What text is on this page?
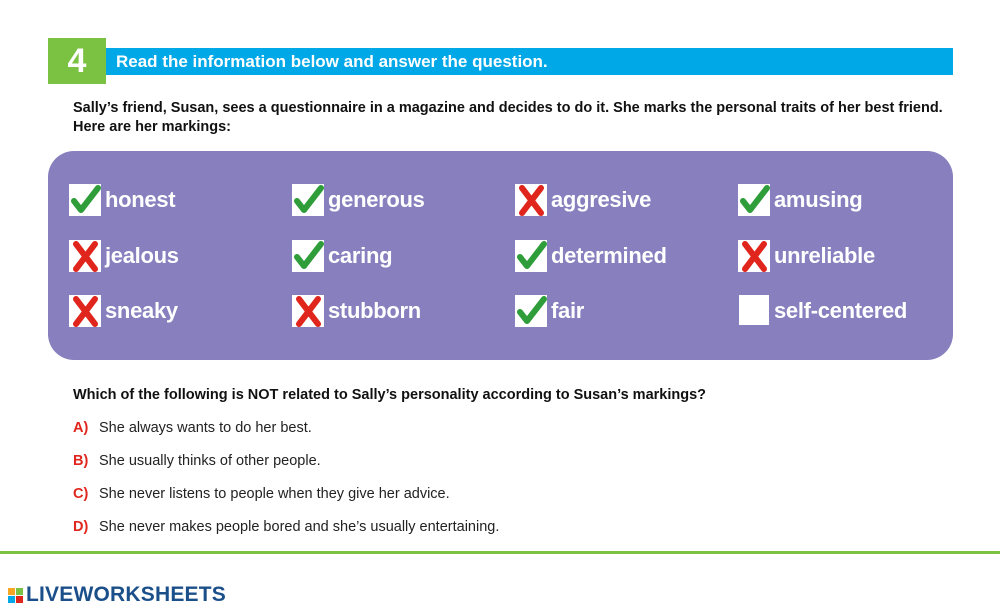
4	Read the information below and answer the question.
Sally’s friend, Susan, sees a questionnaire in a magazine and decides to do it. She marks the personal traits of her best friend.
Here are her markings:
honest	generous	aggresive	amusing
jealous	caring	determined	unreliable
sneaky	stubborn	fair	self-centered
Which of the following is NOT related to Sally’s personality according to Susan’s markings?
A) She always wants to do her best.
B) She usually thinks of other people.
C) She never listens to people when they give her advice.
D) She never makes people bored and she’s usually entertaining.
LIVEWORKSHEETS
